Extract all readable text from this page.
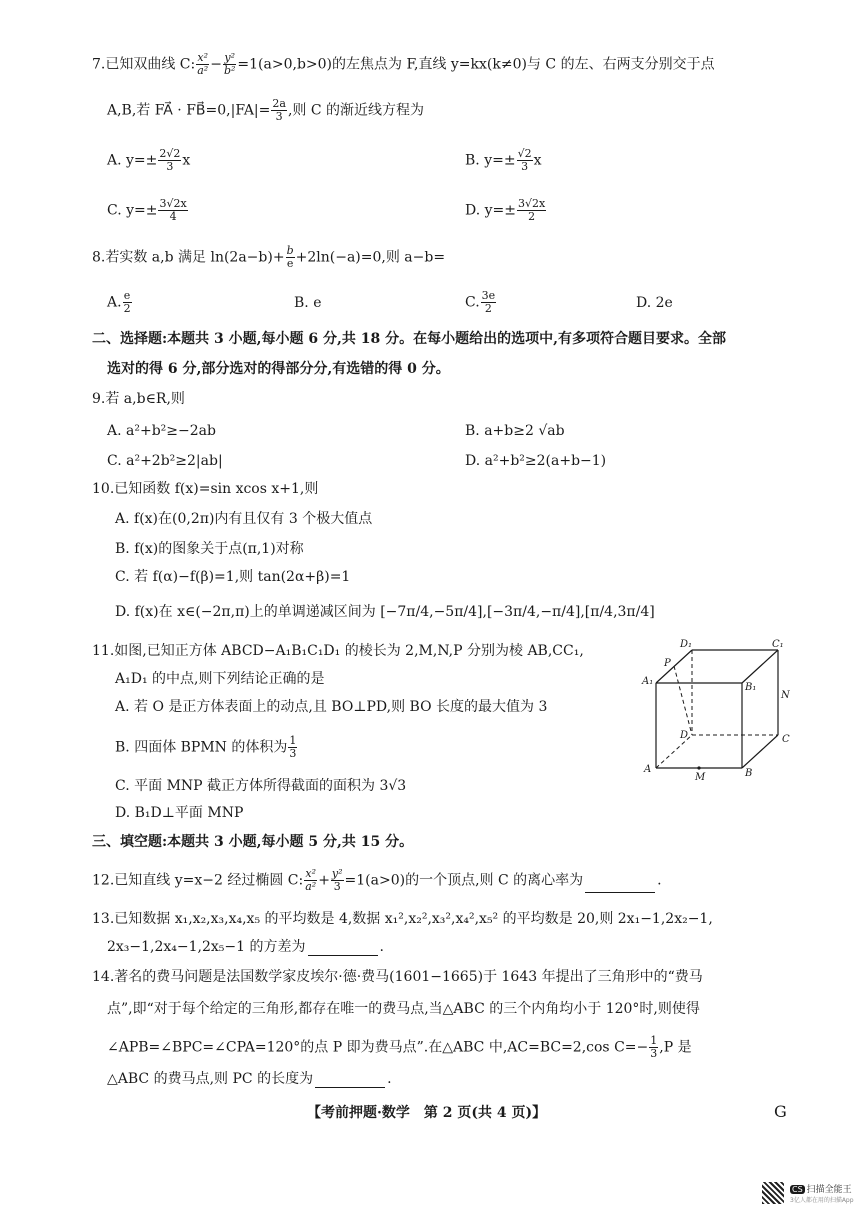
7.已知双曲线 C: $\frac{\text{x²}}{\text{a²}} - \frac{\text{y²}}{\text{b²}} =1(a>0,b>0)$的左焦点为 F,直线 y=kx(k≠0)与 C 的左、右两支分别交于点
A,B,若 FA⃗ · FB⃗=0,|FA|= $\frac{2a}{3}$ ,则 C 的渐近线方程为
A. $y=\pm \frac{2√2}{3}$ x	B. $y=\pm \frac{√2}{3}$ x
C. $y=\pm \frac{3√2x}{4}$	D. $y=\pm \frac{3√2x}{2}$
8.若实数 a,b 满足 $\ln(2a-b)+ \frac{b}{e} +2\ln(-a)=0$,则 a−b=
A. $\frac{e}{2}$	B. e	C. $\frac{3e}{2}$	D. 2e
二、选择题:本题共 3 小题,每小题 6 分,共 18 分。在每小题给出的选项中,有多项符合题目要求。全部
选对的得 6 分,部分选对的得部分分,有选错的得 0 分。
9.若 a,b∈R,则
A. a²+b²≥−2ab	B. a+b≥2 √ab
C. a²+2b²≥2|ab|	D. a²+b²≥2(a+b−1)
10.已知函数 f(x)=sin xcos x+1,则
A. f(x)在(0,2π)内有且仅有 3 个极大值点
B. f(x)的图象关于点(π,1)对称
C. 若 f(α)−f(β)=1,则 tan(2α+β)=1
D. f(x)在 x∈(−2π,π)上的单调递减区间为 [−7π/4,−5π/4],[−3π/4,−π/4],[π/4,3π/4]
11.如图,已知正方体 ABCD−A₁B₁C₁D₁ 的棱长为 2,M,N,P 分别为棱 AB,CC₁,
A₁D₁ 的中点,则下列结论正确的是
A. 若 O 是正方体表面上的动点,且 BO⊥PD,则 BO 长度的最大值为 3
B. 四面体 BPMN 的体积为 $\frac{1}{3}$
C. 平面 MNP 截正方体所得截面的面积为 3√3
D. B₁D⊥平面 MNP
D₁	C₁
P
A₁
B₁
N
D	C
A
M	B
三、填空题:本题共 3 小题,每小题 5 分,共 15 分。
12.已知直线 y=x−2 经过椭圆 C: $\frac{\text{x²}}{\text{a²}} + \frac{\text{y²}}{3} =1(a>0)$的一个顶点,则 C 的离心率为	.
13.已知数据 x₁,x₂,x₃,x₄,x₅ 的平均数是 4,数据 x₁²,x₂²,x₃²,x₄²,x₅² 的平均数是 20,则 2x₁−1,2x₂−1,
2x₃−1,2x₄−1,2x₅−1 的方差为	.
14.著名的费马问题是法国数学家皮埃尔·德·费马(1601−1665)于 1643 年提出了三角形中的“费马
点”,即“对于每个给定的三角形,都存在唯一的费马点,当△ABC 的三个内角均小于 120°时,则使得
∠APB=∠BPC=∠CPA=120°的点 P 即为费马点”.在△ABC 中,AC=BC=2,cos $C=- \frac{1}{3} ,P$ 是
△ABC 的费马点,则 PC 的长度为	.
【考前押题·数学　第 2 页(共 4 页)】	G
CS 扫描全能王
3亿人都在用的扫描App
